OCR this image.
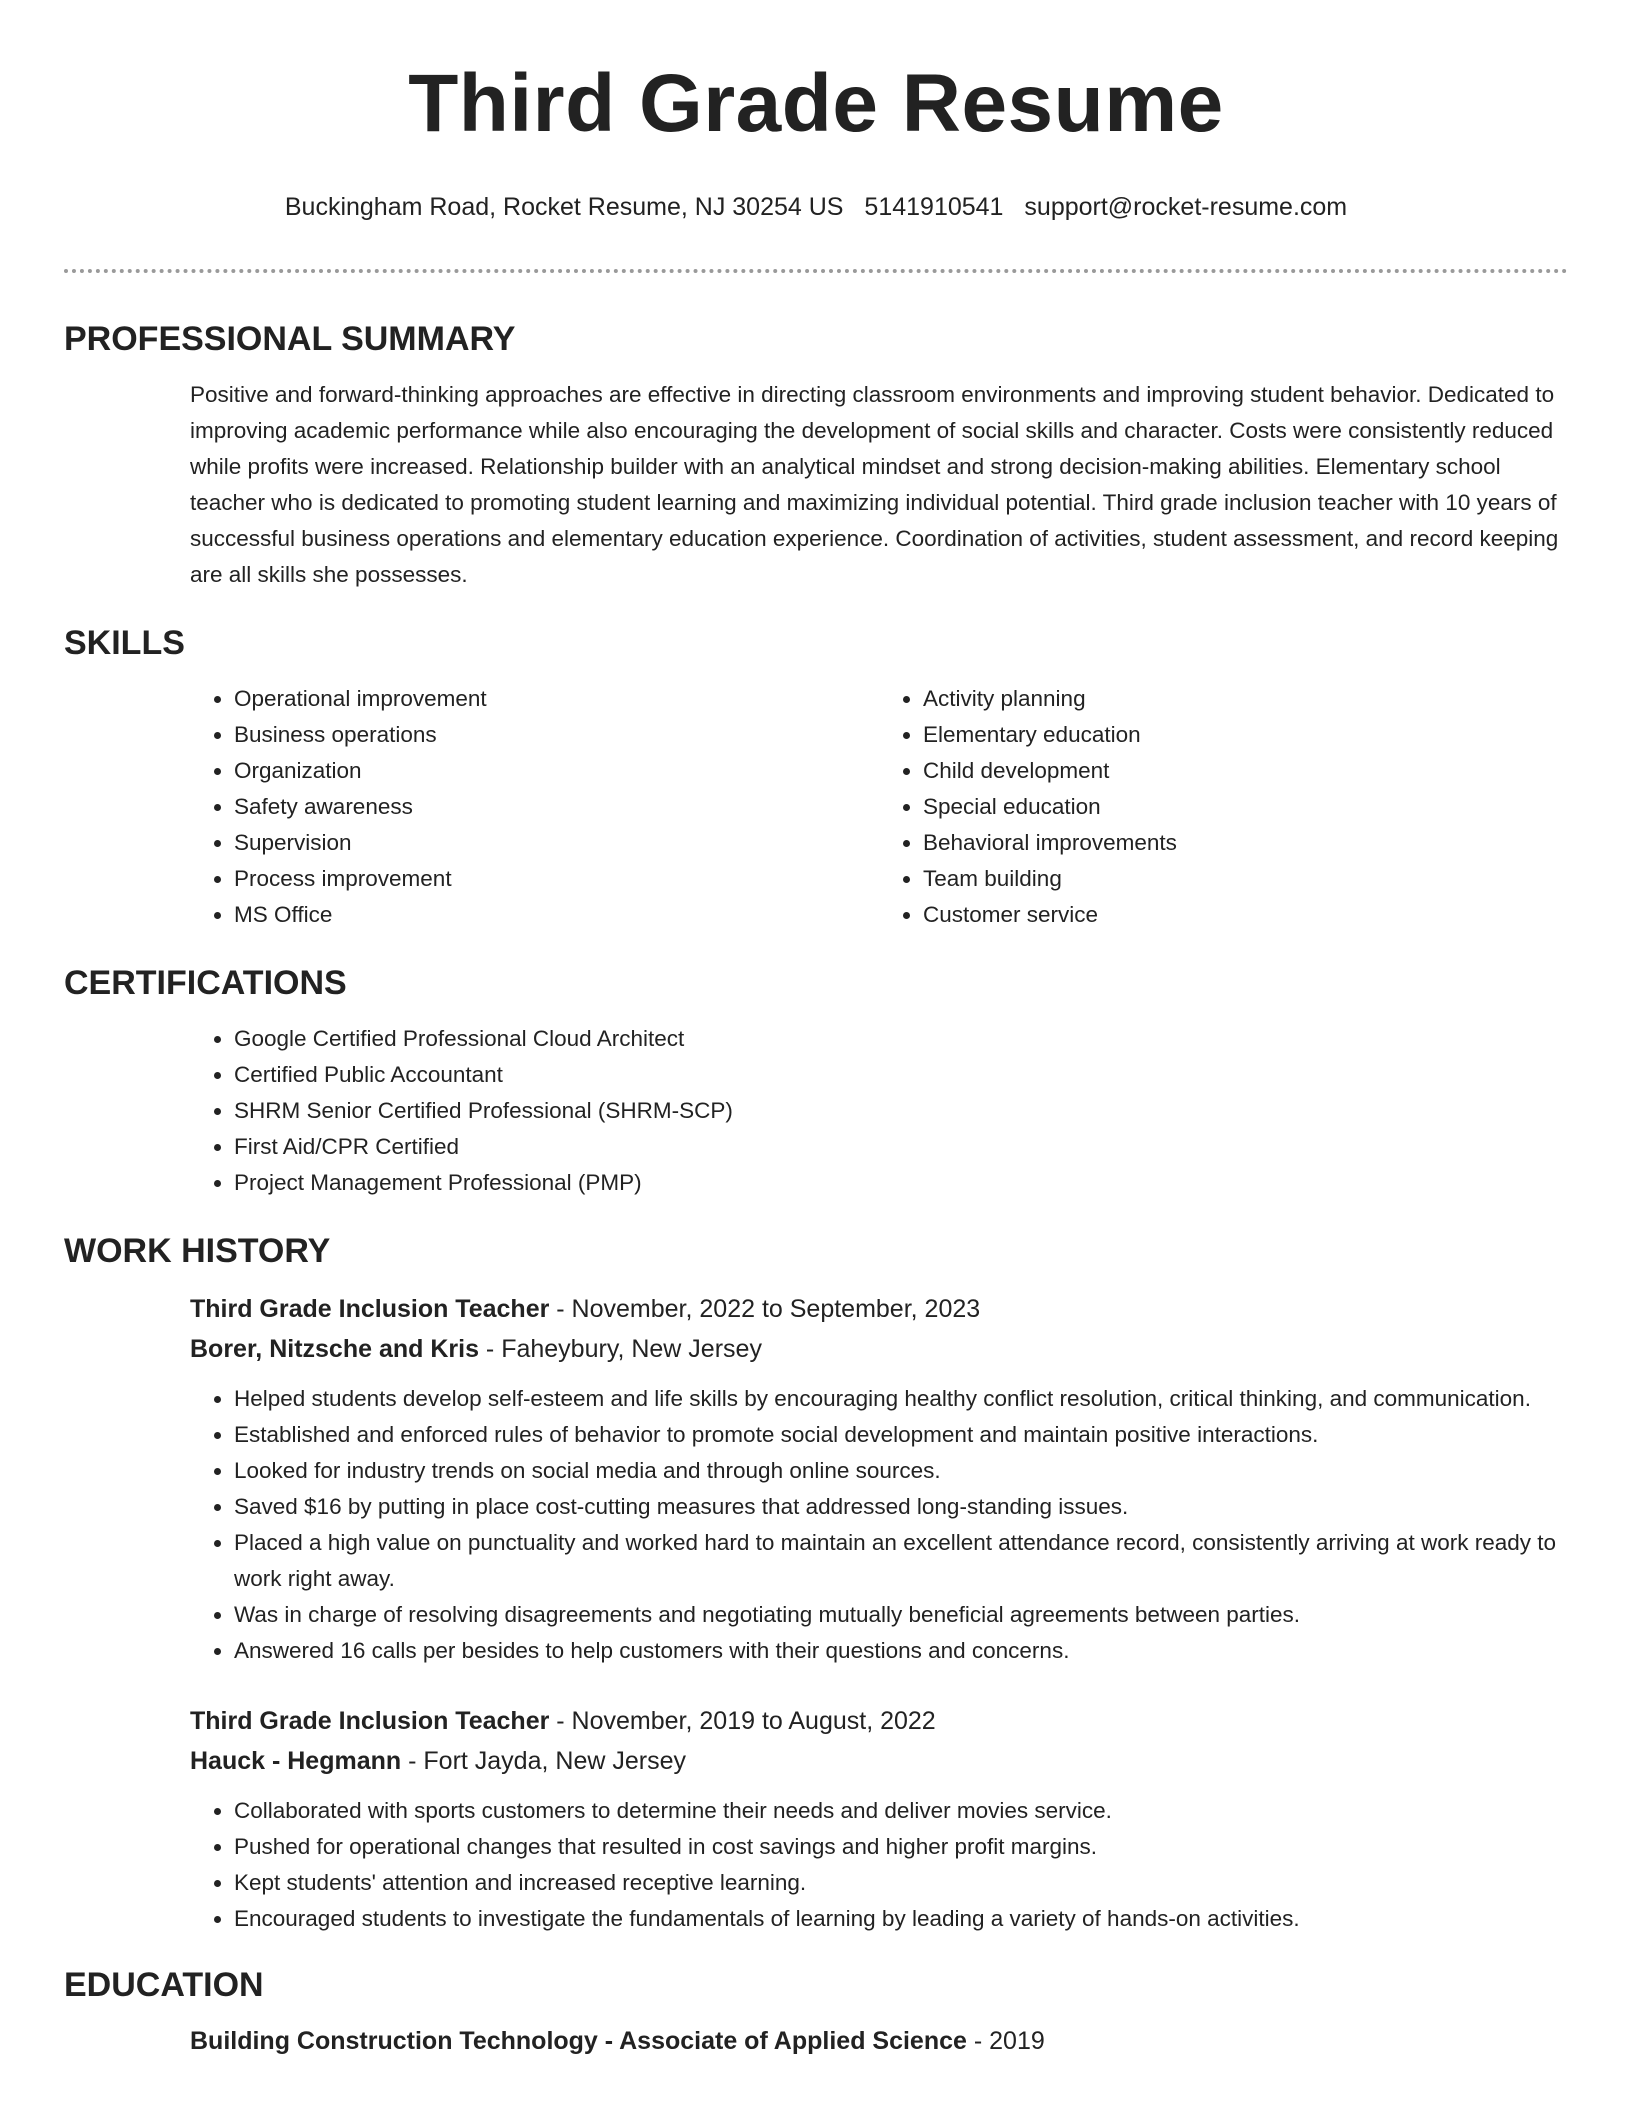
Third Grade Resume
Buckingham Road, Rocket Resume, NJ 30254 US 5141910541 support@rocket-resume.com
PROFESSIONAL SUMMARY

Positive and forward-thinking approaches are effective in directing classroom environments and improving student behavior. Dedicated to improving academic performance while also encouraging the development of social skills and character. Costs were consistently reduced while profits were increased. Relationship builder with an analytical mindset and strong decision-making abilities. Elementary school teacher who is dedicated to promoting student learning and maximizing individual potential. Third grade inclusion teacher with 10 years of successful business operations and elementary education experience. Coordination of activities, student assessment, and record keeping are all skills she possesses.

SKILLS
• Operational improvement
• Business operations
• Organization
• Safety awareness
• Supervision
• Process improvement
• MS Office
• Activity planning
• Elementary education
• Child development
• Special education
• Behavioral improvements
• Team building
• Customer service
CERTIFICATIONS
• Google Certified Professional Cloud Architect
• Certified Public Accountant
• SHRM Senior Certified Professional (SHRM-SCP)
• First Aid/CPR Certified
• Project Management Professional (PMP)
WORK HISTORY
Third Grade Inclusion Teacher - November, 2022 to September, 2023
Borer, Nitzsche and Kris - Faheybury, New Jersey
• Helped students develop self-esteem and life skills by encouraging healthy conflict resolution, critical thinking, and communication.
• Established and enforced rules of behavior to promote social development and maintain positive interactions.
• Looked for industry trends on social media and through online sources.
• Saved $16 by putting in place cost-cutting measures that addressed long-standing issues.
• Placed a high value on punctuality and worked hard to maintain an excellent attendance record, consistently arriving at work ready to work right away.
• Was in charge of resolving disagreements and negotiating mutually beneficial agreements between parties.
• Answered 16 calls per besides to help customers with their questions and concerns.
Third Grade Inclusion Teacher - November, 2019 to August, 2022
Hauck - Hegmann - Fort Jayda, New Jersey
• Collaborated with sports customers to determine their needs and deliver movies service.
• Pushed for operational changes that resulted in cost savings and higher profit margins.
• Kept students' attention and increased receptive learning.
• Encouraged students to investigate the fundamentals of learning by leading a variety of hands-on activities.
EDUCATION
Building Construction Technology - Associate of Applied Science - 2019
